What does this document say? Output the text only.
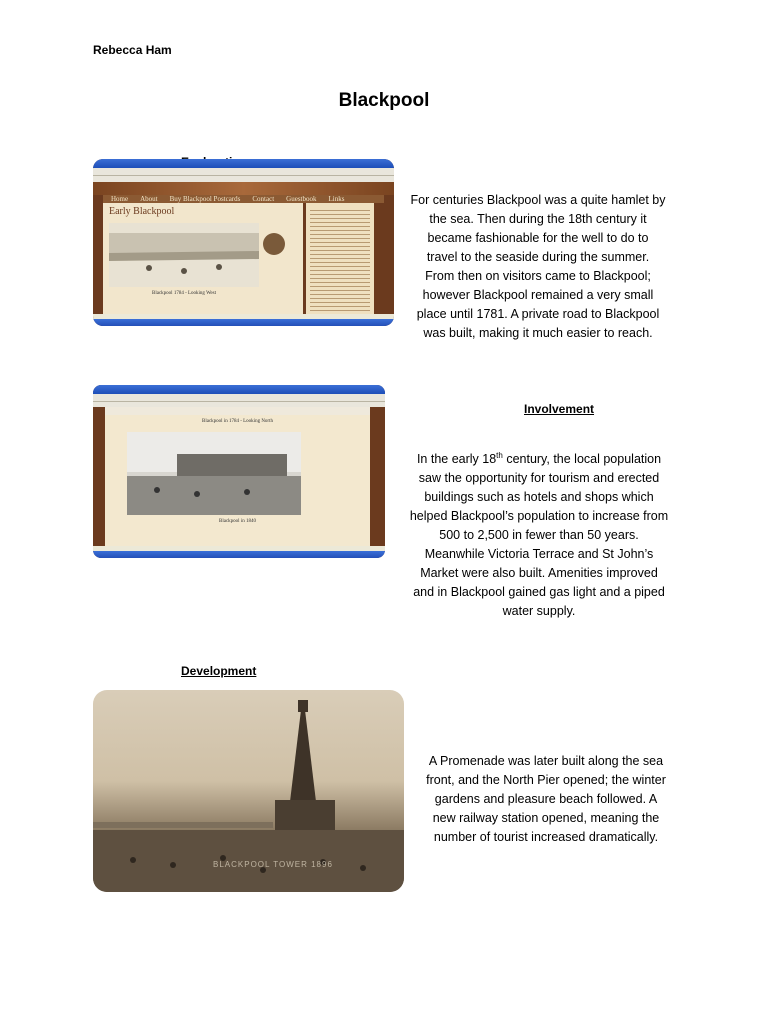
Rebecca Ham
Blackpool
Home About Buy Blackpool Postcards Contact Guestbook Links
Early Blackpool
Blackpool 1784 - Looking West
For centuries Blackpool was a quite hamlet by
the sea. Then during the 18th century it
became fashionable for the well to do to
travel to the seaside during the summer.
From then on visitors came to Blackpool;
however Blackpool remained a very small
place until 1781. A private road to Blackpool
was built, making it much easier to reach.
Blackpool in 1784 - Looking North
Blackpool in 1840
Involvement
In the early 18th century, the local population
saw the opportunity for tourism and erected
buildings such as hotels and shops which
helped Blackpool’s population to increase from
500 to 2,500 in fewer than 50 years.
Meanwhile Victoria Terrace and St John’s
Market were also built. Amenities improved
and in Blackpool gained gas light and a piped
water supply.
Development
BLACKPOOL TOWER 1896
A Promenade was later built along the sea
front, and the North Pier opened; the winter
gardens and pleasure beach followed. A
new railway station opened, meaning the
number of tourist increased dramatically.
